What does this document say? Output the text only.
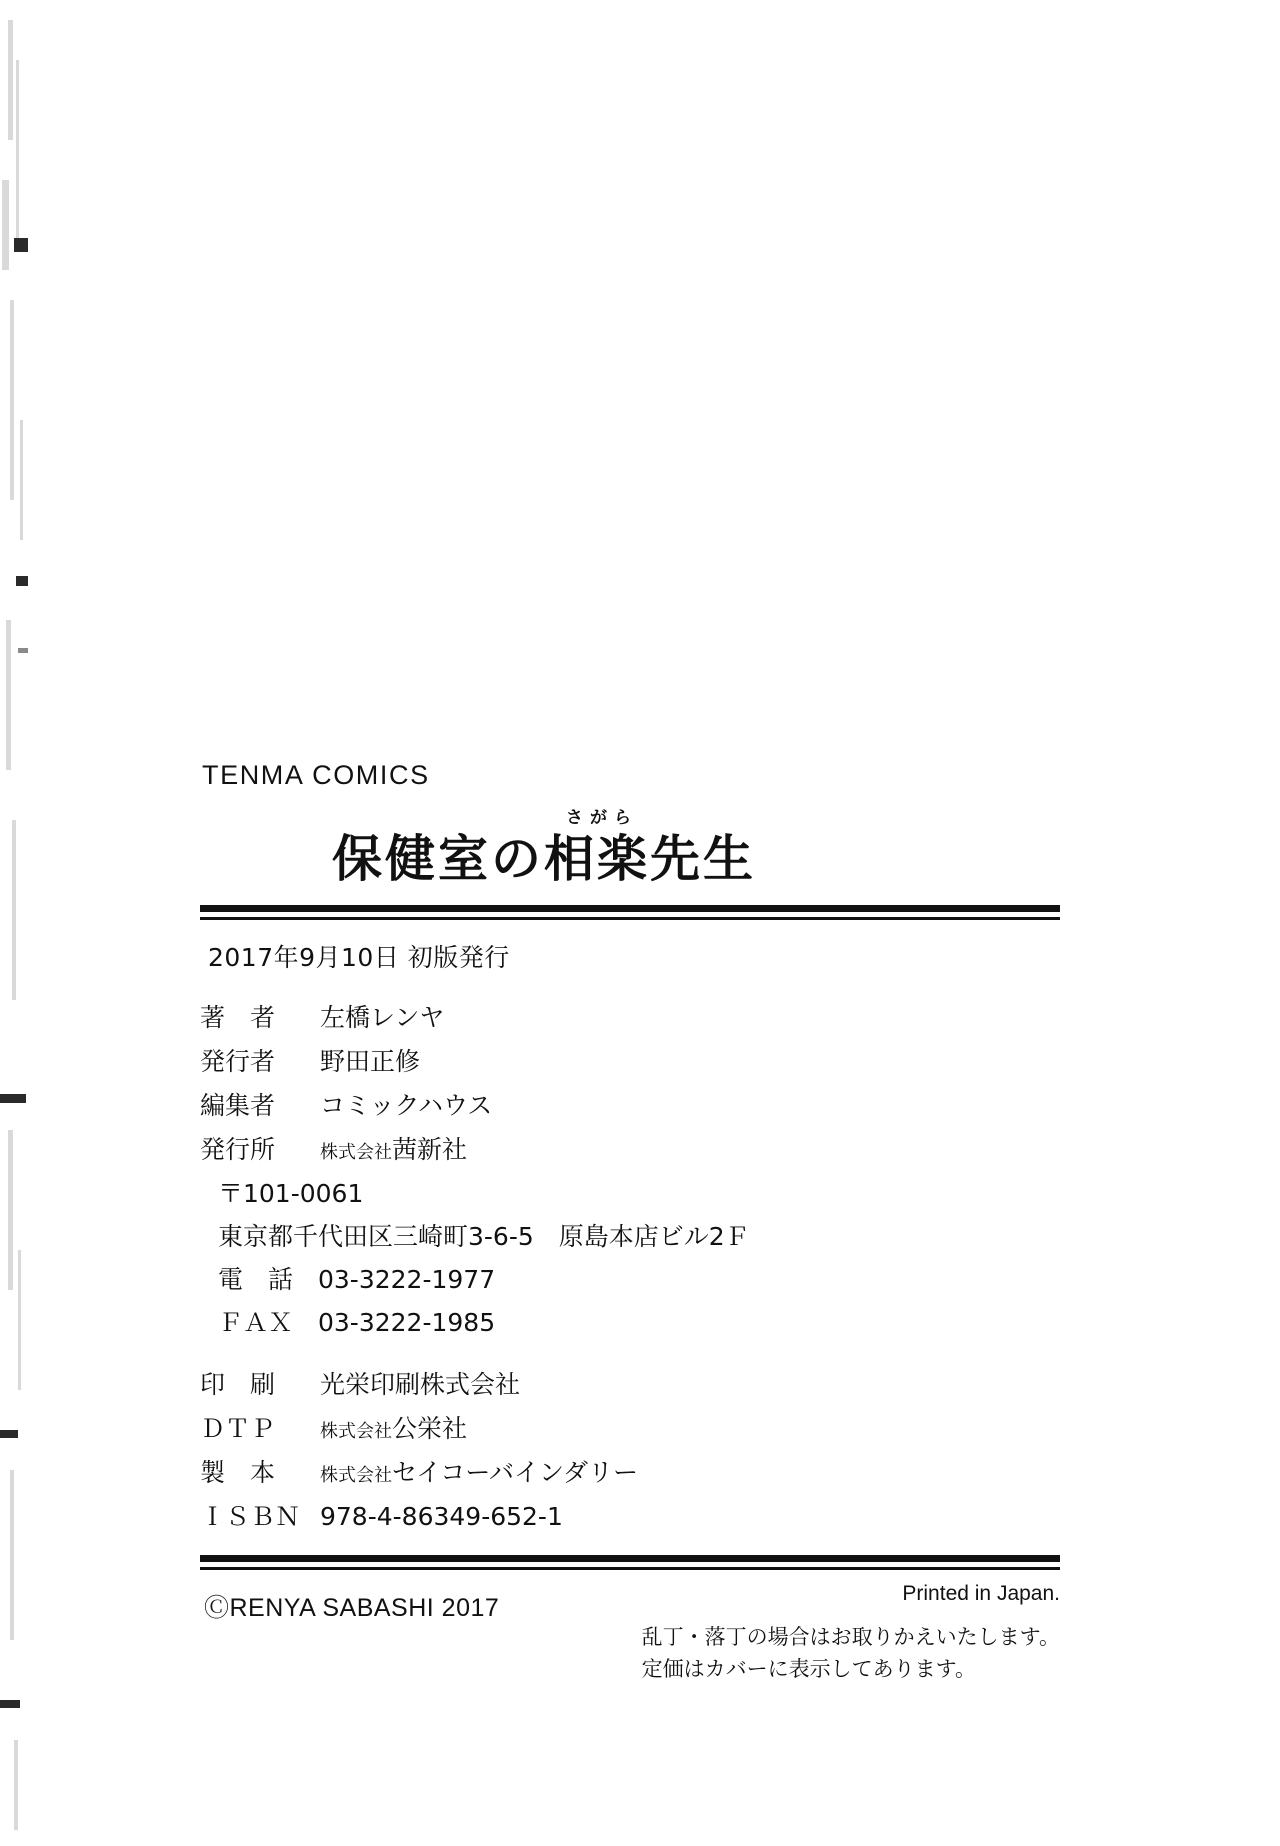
TENMA COMICS
さがら
保健室の相楽先生
2017年9月10日 初版発行
著　者	左橋レンヤ
発行者	野田正修
編集者	コミックハウス
発行所	株式会社茜新社
〒101-0061
東京都千代田区三崎町3-6-5　原島本店ビル2Ｆ
電　話　03-3222-1977
ＦＡＸ　03-3222-1985
印　刷	光栄印刷株式会社
ＤＴＰ	株式会社公栄社
製　本	株式会社セイコーバインダリー
ＩＳＢＮ 978-4-86349-652-1
ⒸRENYA SABASHI 2017
Printed in Japan.
乱丁・落丁の場合はお取りかえいたします。
定価はカバーに表示してあります。
